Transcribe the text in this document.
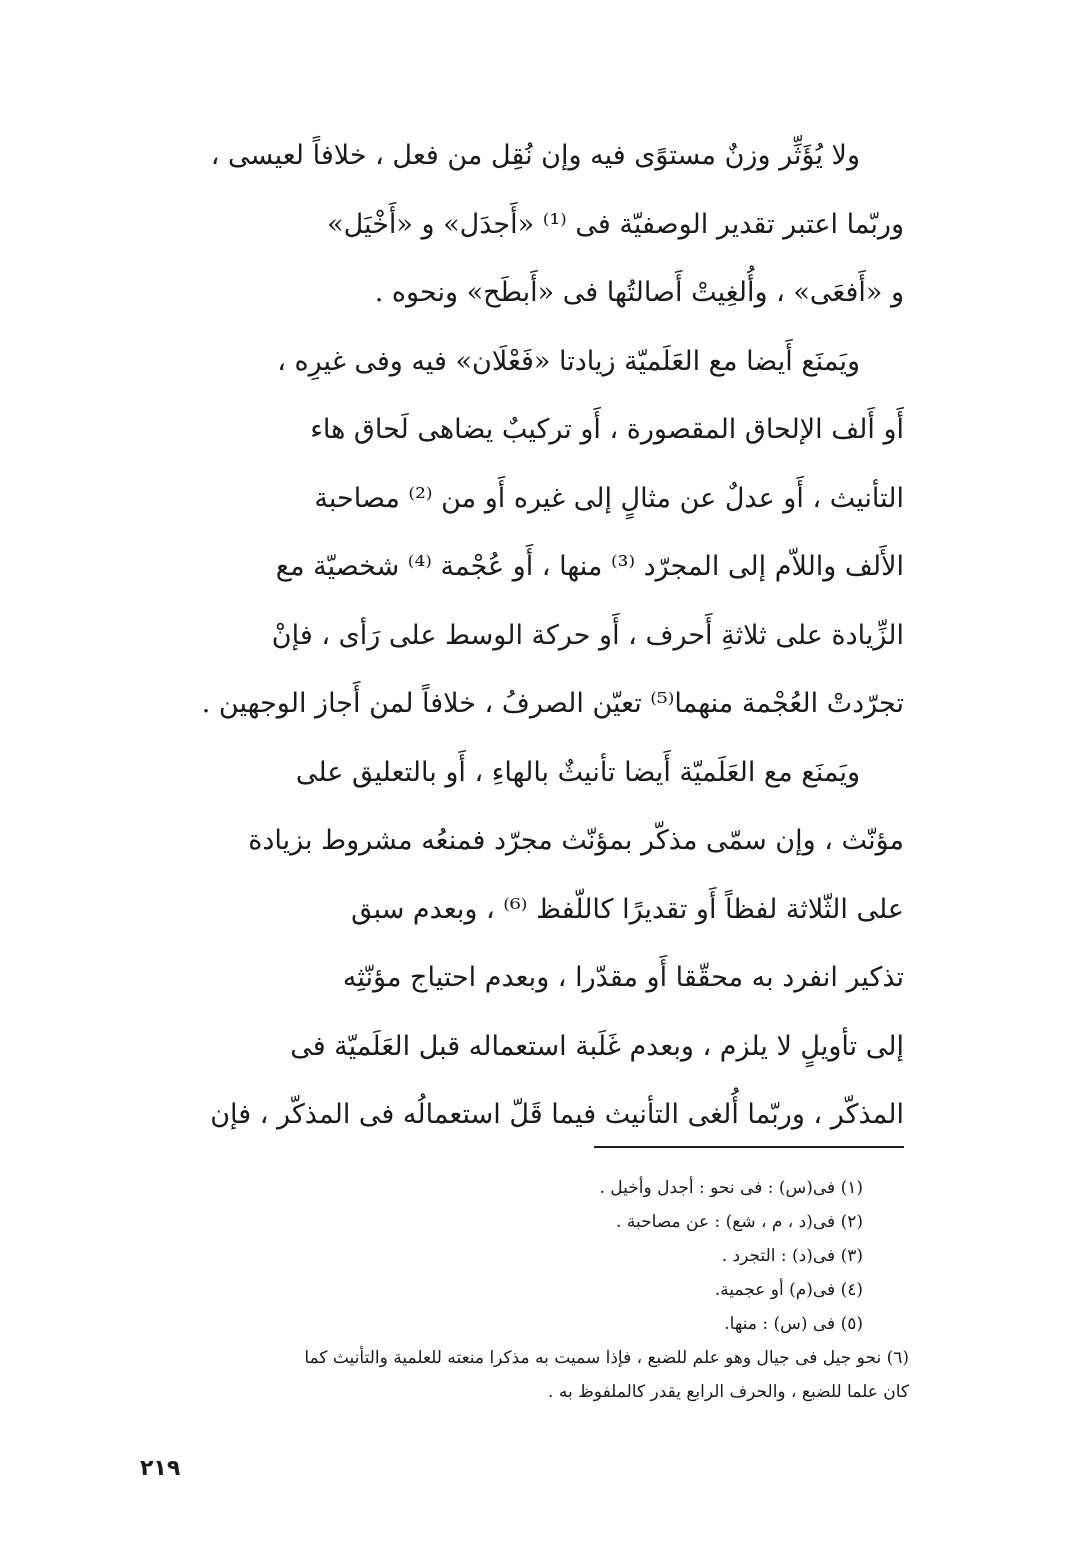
ولا يُؤَثِّر وزنٌ مستوًى فيه وإن نُقِل من فعل ، خلافاً لعيسى ،
وربّما اعتبر تقدير الوصفيّة فى ⁽¹⁾ «أَجدَل» و «أَخْيَل»
و «أَفعَى» ، وأُلغِيتْ أَصالتُها فى «أَبطَح» ونحوه .
ويَمنَع أَيضا مع العَلَميّة زيادتا «فَعْلَان» فيه وفى غيرِه ،
أَو أَلف الإلحاق المقصورة ، أَو تركيبٌ يضاهى لَحاق هاء
التأنيث ، أَو عدلٌ عن مثالٍ إلى غيره أَو من ⁽²⁾ مصاحبة
الأَلف واللاّم إلى المجرّد ⁽³⁾ منها ، أَو عُجْمة ⁽⁴⁾ شخصيّة مع
الزِّيادة على ثلاثةِ أَحرف ، أَو حركة الوسط على رَأى ، فإنْ
تجرّدتْ العُجْمة منهما⁽⁵⁾ تعيّن الصرفُ ، خلافاً لمن أَجاز الوجهين .
ويَمنَع مع العَلَميّة أَيضا تأنيثٌ بالهاءِ ، أَو بالتعليق على
مؤنّث ، وإن سمّى مذكّر بمؤنّث مجرّد فمنعُه مشروط بزيادة
على الثّلاثة لفظاً أَو تقديرًا كاللّفظ ⁽⁶⁾ ، وبعدم سبق
تذكير انفرد به محقّقا أَو مقدّرا ، وبعدم احتياج مؤنّثِه
إلى تأويلٍ لا يلزم ، وبعدم غَلَبة استعماله قبل العَلَميّة فى
المذكّر ، وربّما أُلغى التأنيث فيما قَلّ استعمالُه فى المذكّر ، فإن
(١) فى(س) : فى نحو : أجدل وأخيل .
(٢) فى(د ، م ، شع) : عن مصاحبة .
(٣) فى(د) : التجرد .
(٤) فى(م) أو عجمية.
(٥) فى (س) : منها.
(٦) نحو جيل فى جيال وهو علم للضبع ، فإذا سميت به مذكرا منعته للعلمية والتأنيث كما
كان علما للضبع ، والحرف الرابع يقدر كالملفوظ به .
٢١٩
